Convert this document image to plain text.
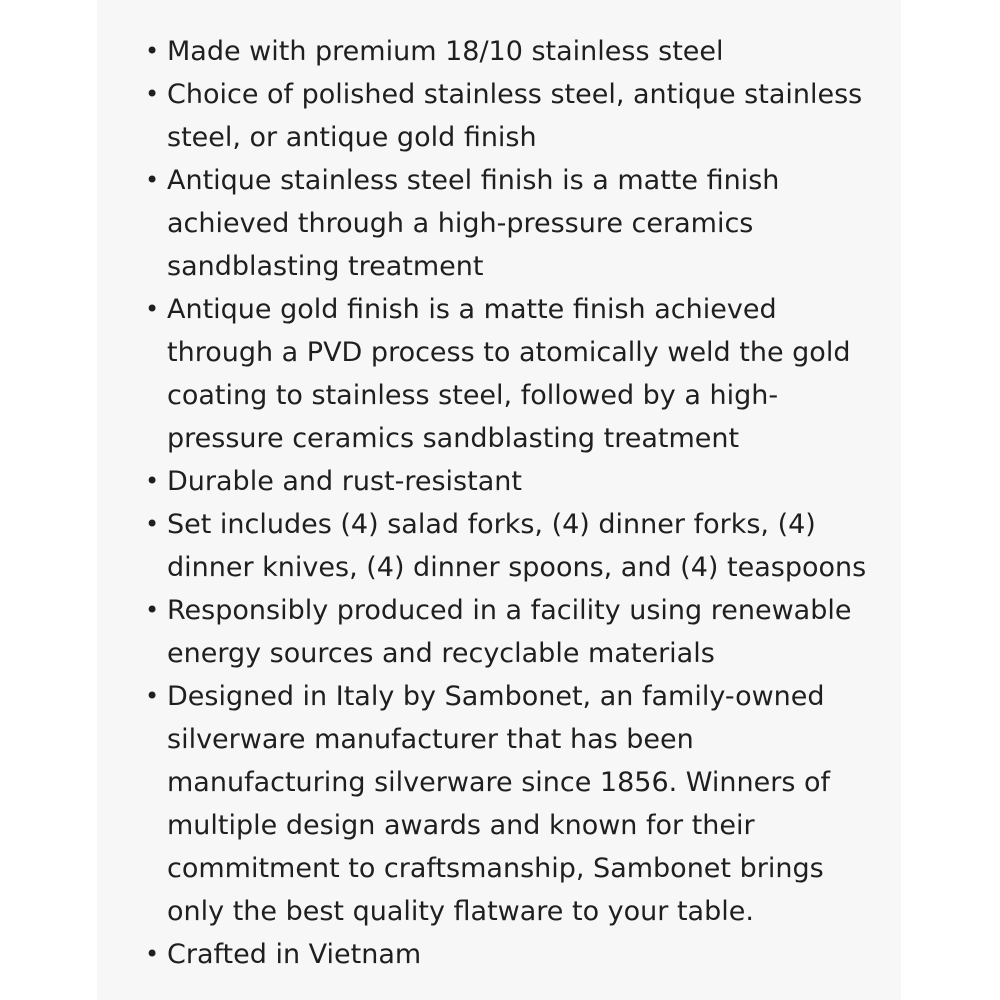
• Made with premium 18/10 stainless steel
• Choice of polished stainless steel, antique stainless steel, or antique gold finish
• Antique stainless steel finish is a matte finish achieved through a high-pressure ceramics sandblasting treatment
• Antique gold finish is a matte finish achieved through a PVD process to atomically weld the gold coating to stainless steel, followed by a high-pressure ceramics sandblasting treatment
• Durable and rust-resistant
• Set includes (4) salad forks, (4) dinner forks, (4) dinner knives, (4) dinner spoons, and (4) teaspoons
• Responsibly produced in a facility using renewable energy sources and recyclable materials
• Designed in Italy by Sambonet, an family-owned silverware manufacturer that has been manufacturing silverware since 1856. Winners of multiple design awards and known for their commitment to craftsmanship, Sambonet brings only the best quality flatware to your table.
• Crafted in Vietnam
